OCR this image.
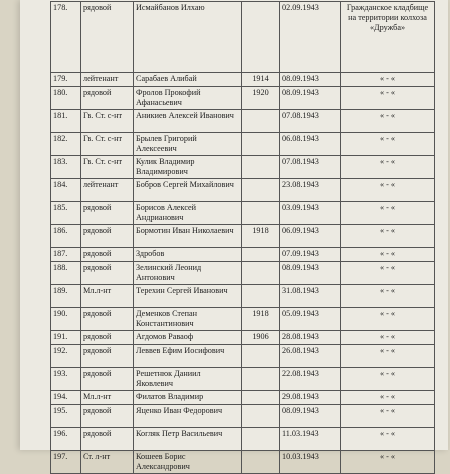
178.	рядовой	Исмайбанов Илхаю		02.09.1943	Гражданское кладбище на территории колхоза «Дружба»
179.	лейтенант	Сарабаев Алибай	1914	08.09.1943	« - «
180.	рядовой	Фролов Прокофий Афанасьевич	1920	08.09.1943	« - «
181.	Гв. Ст. с-нт	Аникиев Алексей Иванович		07.08.1943	« - «
182.	Гв. Ст. с-нт	Брылев Григорий Алексеевич		06.08.1943	« - «
183.	Гв. Ст. с-нт	Кулик Владимир Владимирович		07.08.1943	« - «
184.	лейтенант	Бобров Сергей Михайлович		23.08.1943	« - «
185.	рядовой	Борисов Алексей Андрианович		03.09.1943	« - «
186.	рядовой	Бормотин Иван Николаевич	1918	06.09.1943	« - «
187.	рядовой	Здробов		07.09.1943	« - «
188.	рядовой	Зелинский Леонид Антонович		08.09.1943	« - «
189.	Мл.л-нт	Терехин Сергей Иванович		31.08.1943	« - «
190.	рядовой	Деменков Степан Константинович	1918	05.09.1943	« - «
191.	рядовой	Агдомов Раваоф	1906	28.08.1943	« - «
192.	рядовой	Леввев Ефим Иосифович		26.08.1943	« - «
193.	рядовой	Решетнюк Даниил Яковлевич		22.08.1943	« - «
194.	Мл.л-нт	Филатов Владимир		29.08.1943	« - «
195.	рядовой	Яценко Иван Федорович		08.09.1943	« - «
196.	рядовой	Когляк Петр Васильевич		11.03.1943	« - «
197.	Ст. л-нт	Кошеев Борис Александрович		10.03.1943	« - «
